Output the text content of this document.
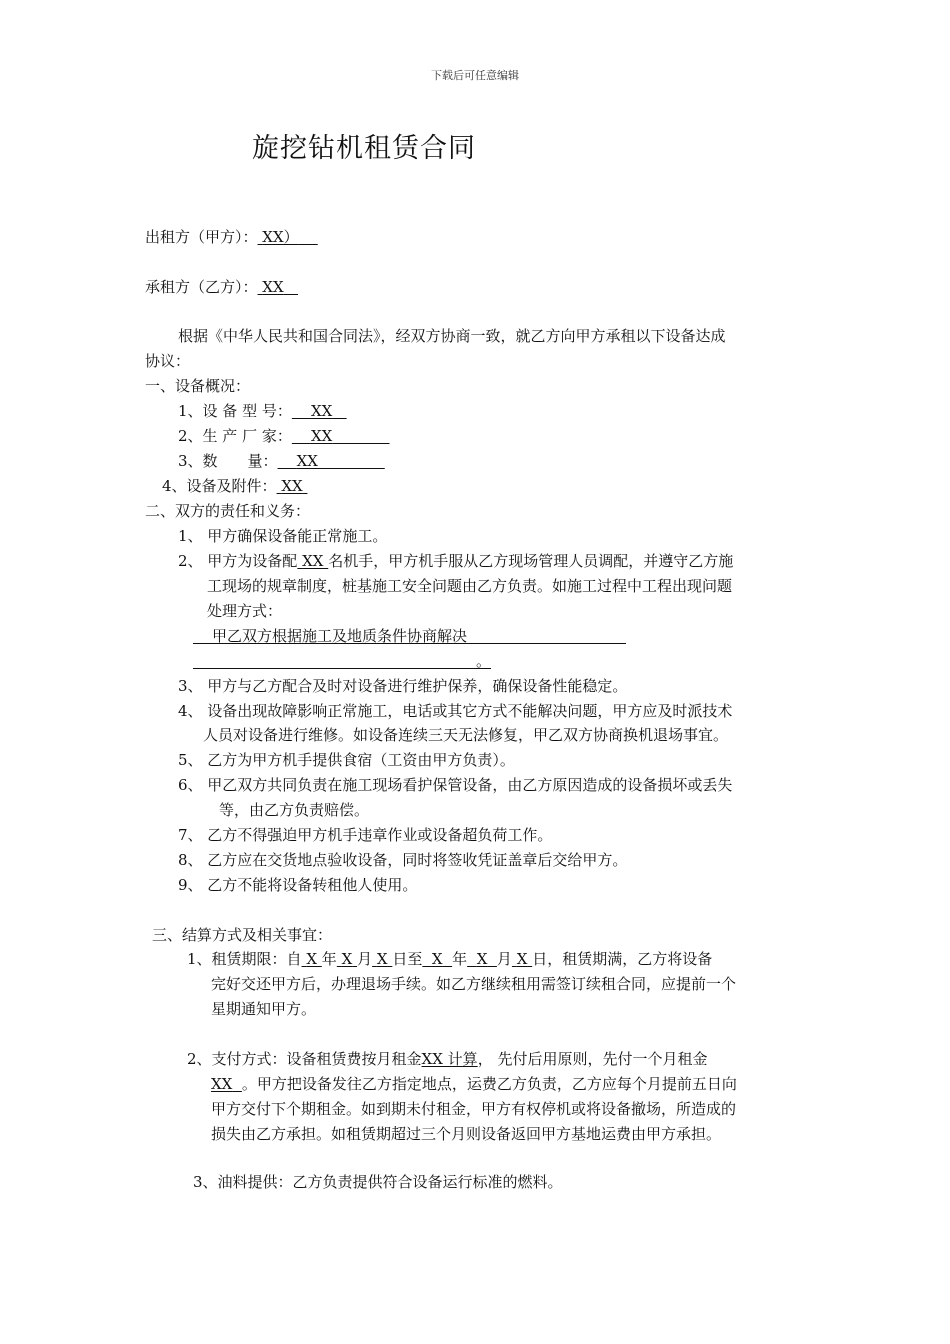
下载后可任意编辑
旋挖钻机租赁合同
出租方（甲方）： XX）
承租方（乙方）： XX
根据《中华人民共和国合同法》，经双方协商一致，就乙方向甲方承租以下设备达成
协议：
一、设备概况：
1、设 备 型 号： XX
2、生 产 厂 家： XX
3、数　　量： XX
4、设备及附件： XX
二、双方的责任和义务：
1、 甲方确保设备能正常施工。
2、 甲方为设备配 XX 名机手，甲方机手服从乙方现场管理人员调配，并遵守乙方施
工现场的规章制度，桩基施工安全问题由乙方负责。如施工过程中工程出现问题
处理方式：
甲乙双方根据施工及地质条件协商解决
。
3、 甲方与乙方配合及时对设备进行维护保养，确保设备性能稳定。
4、 设备出现故障影响正常施工，电话或其它方式不能解决问题，甲方应及时派技术
人员对设备进行维修。如设备连续三天无法修复，甲乙双方协商换机退场事宜。
5、 乙方为甲方机手提供食宿（工资由甲方负责）。
6、 甲乙双方共同负责在施工现场看护保管设备，由乙方原因造成的设备损坏或丢失
等，由乙方负责赔偿。
7、 乙方不得强迫甲方机手违章作业或设备超负荷工作。
8、 乙方应在交货地点验收设备，同时将签收凭证盖章后交给甲方。
9、 乙方不能将设备转租他人使用。
三、结算方式及相关事宜：
1、租赁期限：自 X 年 X 月 X 日至 X 年 X 月 X 日，租赁期满，乙方将设备
完好交还甲方后，办理退场手续。如乙方继续租用需签订续租合同，应提前一个
星期通知甲方。
2、支付方式：设备租赁费按月租金XX 计算， 先付后用原则，先付一个月租金
XX 。甲方把设备发往乙方指定地点，运费乙方负责，乙方应每个月提前五日向
甲方交付下个期租金。如到期未付租金，甲方有权停机或将设备撤场，所造成的
损失由乙方承担。如租赁期超过三个月则设备返回甲方基地运费由甲方承担。
3、油料提供：乙方负责提供符合设备运行标准的燃料。
